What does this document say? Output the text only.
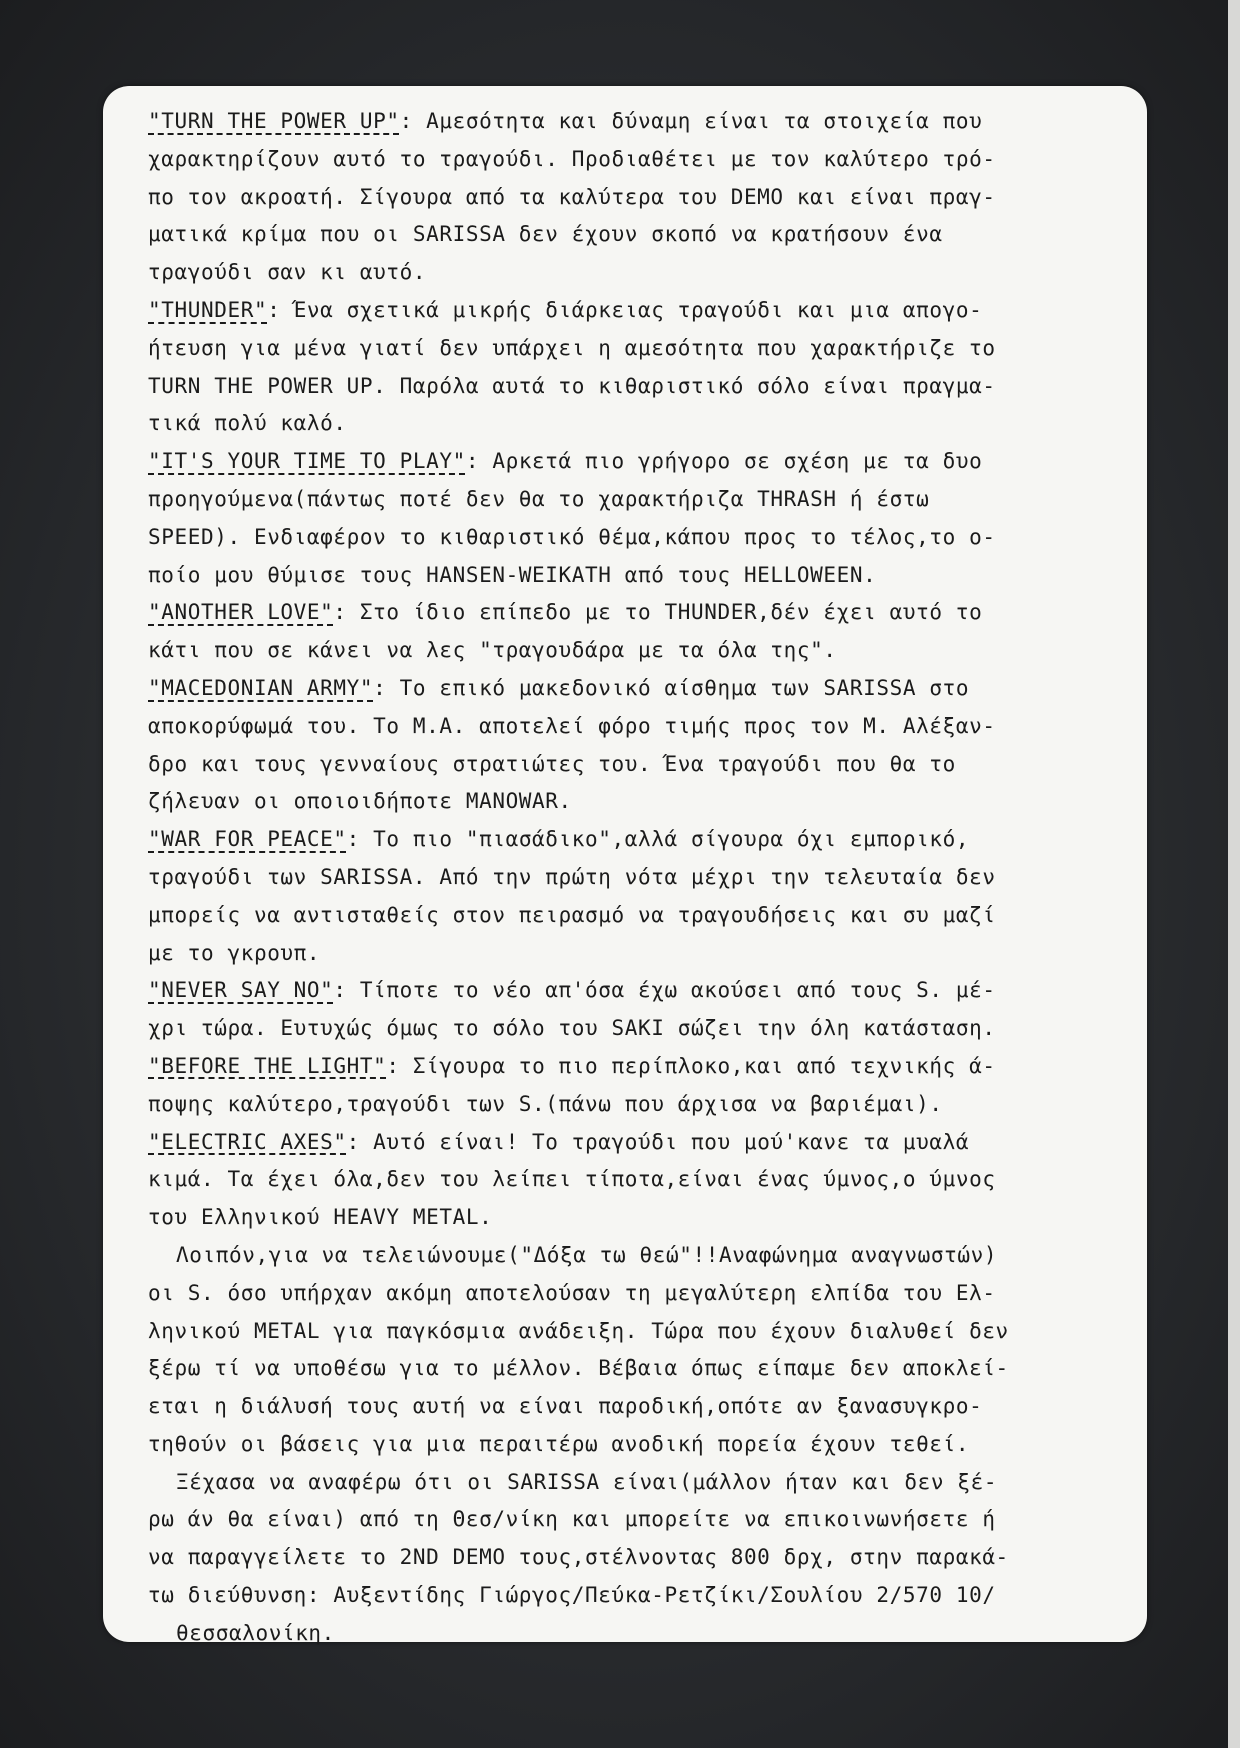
"TURN THE POWER UP": Αμεσότητα και δύναμη είναι τα στοιχεία που
χαρακτηρίζουν αυτό το τραγούδι. Προδιαθέτει με τον καλύτερο τρό-
πο τον ακροατή. Σίγουρα από τα καλύτερα του DEMO και είναι πραγ-
ματικά κρίμα που οι SARISSA δεν έχουν σκοπό να κρατήσουν ένα
τραγούδι σαν κι αυτό.

"THUNDER": Ένα σχετικά μικρής διάρκειας τραγούδι και μια απογο-
ήτευση για μένα γιατί δεν υπάρχει η αμεσότητα που χαρακτήριζε το
TURN THE POWER UP. Παρόλα αυτά το κιθαριστικό σόλο είναι πραγμα-
τικά πολύ καλό.

"IT'S YOUR TIME TO PLAY": Αρκετά πιο γρήγορο σε σχέση με τα δυο
προηγούμενα(πάντως ποτέ δεν θα το χαρακτήριζα THRASH ή έστω
SPEED). Ενδιαφέρον το κιθαριστικό θέμα,κάπου προς το τέλος,το ο-
ποίο μου θύμισε τους HANSEN-WEIKATH από τους HELLOWEEN.

"ANOTHER LOVE": Στο ίδιο επίπεδο με το THUNDER,δέν έχει αυτό το
κάτι που σε κάνει να λες "τραγουδάρα με τα όλα της".

"MACEDONIAN ARMY": Το επικό μακεδονικό αίσθημα των SARISSA στο
αποκορύφωμά του. Το Μ.Α. αποτελεί φόρο τιμής προς τον Μ. Αλέξαν-
δρο και τους γενναίους στρατιώτες του. Ένα τραγούδι που θα το
ζήλευαν οι οποιοιδήποτε MANOWAR.

"WAR FOR PEACE": Το πιο "πιασάδικο",αλλά σίγουρα όχι εμπορικό,
τραγούδι των SARISSA. Από την πρώτη νότα μέχρι την τελευταία δεν
μπορείς να αντισταθείς στον πειρασμό να τραγουδήσεις και συ μαζί
με το γκρουπ.

"NEVER SAY NO": Τίποτε το νέο απ'όσα έχω ακούσει από τους S. μέ-
χρι τώρα. Ευτυχώς όμως το σόλο του SAKI σώζει την όλη κατάσταση.

"BEFORE THE LIGHT": Σίγουρα το πιο περίπλοκο,και από τεχνικής ά-
ποψης καλύτερο,τραγούδι των S.(πάνω που άρχισα να βαριέμαι).

"ELECTRIC AXES": Αυτό είναι! Το τραγούδι που μού'κανε τα μυαλά
κιμά. Τα έχει όλα,δεν του λείπει τίποτα,είναι ένας ύμνος,ο ύμνος
του Ελληνικού HEAVY METAL.

Λοιπόν,για να τελειώνουμε("Δόξα τω θεώ"!!Αναφώνημα αναγνωστών)
οι S. όσο υπήρχαν ακόμη αποτελούσαν τη μεγαλύτερη ελπίδα του Ελ-
ληνικού METAL για παγκόσμια ανάδειξη. Τώρα που έχουν διαλυθεί δεν
ξέρω τί να υποθέσω για το μέλλον. Βέβαια όπως είπαμε δεν αποκλεί-
εται η διάλυσή τους αυτή να είναι παροδική,οπότε αν ξανασυγκρο-
τηθούν οι βάσεις για μια περαιτέρω ανοδική πορεία έχουν τεθεί.

Ξέχασα να αναφέρω ότι οι SARISSA είναι(μάλλον ήταν και δεν ξέ-
ρω άν θα είναι) από τη Θεσ/νίκη και μπορείτε να επικοινωνήσετε ή
να παραγγείλετε το 2ND DEMO τους,στέλνοντας 800 δρχ, στην παρακά-
τω διεύθυνση: Αυξεντίδης Γιώργος/Πεύκα-Ρετζίκι/Σουλίου 2/570 10/
θεσσαλονίκη.
